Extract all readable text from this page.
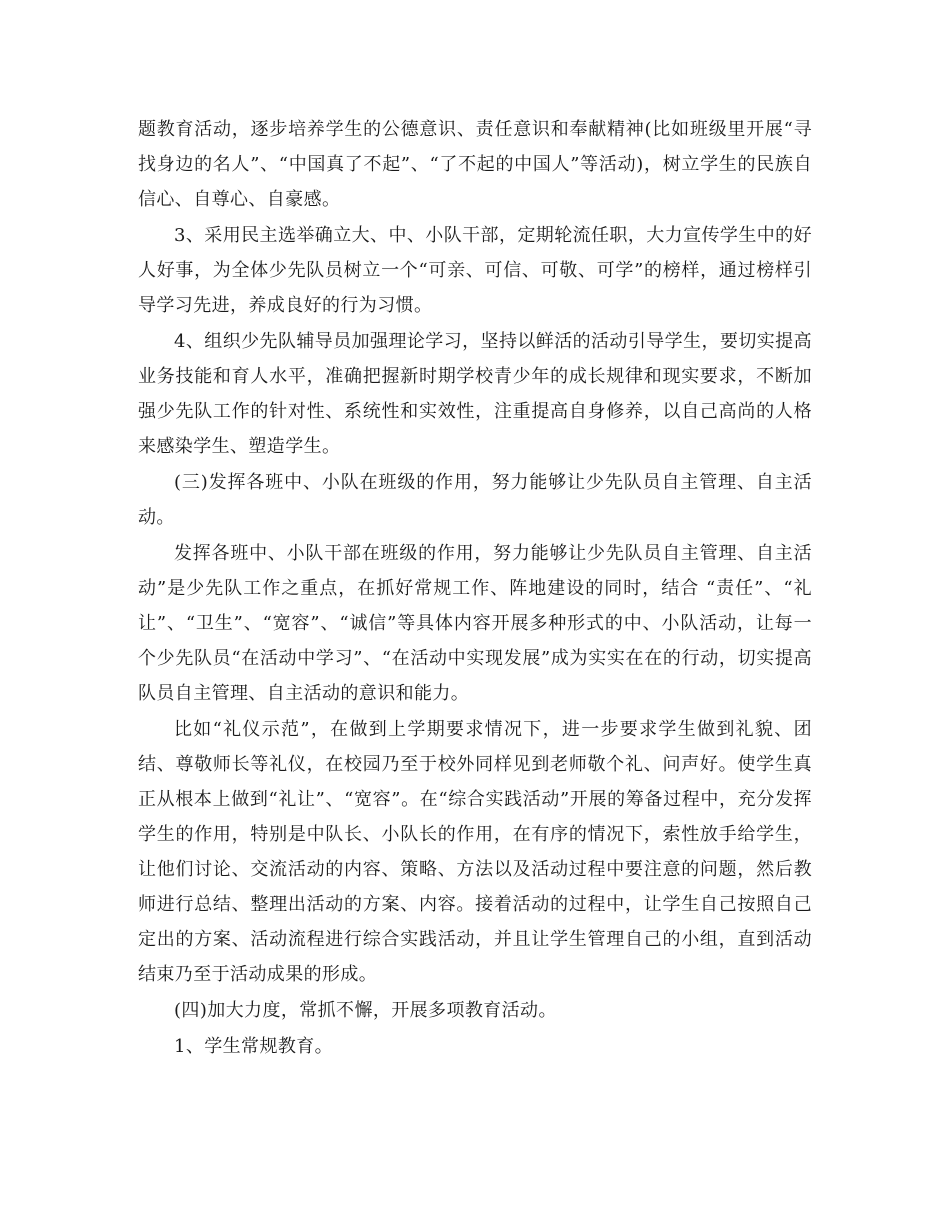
题教育活动，逐步培养学生的公德意识、责任意识和奉献精神(比如班级里开展“寻找身边的名人”、“中国真了不起”、“了不起的中国人”等活动)，树立学生的民族自信心、自尊心、自豪感。

3、采用民主选举确立大、中、小队干部，定期轮流任职，大力宣传学生中的好人好事，为全体少先队员树立一个“可亲、可信、可敬、可学”的榜样，通过榜样引导学习先进，养成良好的行为习惯。

4、组织少先队辅导员加强理论学习，坚持以鲜活的活动引导学生，要切实提高业务技能和育人水平，准确把握新时期学校青少年的成长规律和现实要求，不断加强少先队工作的针对性、系统性和实效性，注重提高自身修养，以自己高尚的人格来感染学生、塑造学生。

(三)发挥各班中、小队在班级的作用，努力能够让少先队员自主管理、自主活动。

发挥各班中、小队干部在班级的作用，努力能够让少先队员自主管理、自主活动”是少先队工作之重点，在抓好常规工作、阵地建设的同时，结合 “责任”、“礼让”、“卫生”、“宽容”、“诚信”等具体内容开展多种形式的中、小队活动，让每一个少先队员“在活动中学习”、“在活动中实现发展”成为实实在在的行动，切实提高队员自主管理、自主活动的意识和能力。

比如“礼仪示范”，在做到上学期要求情况下，进一步要求学生做到礼貌、团结、尊敬师长等礼仪，在校园乃至于校外同样见到老师敬个礼、问声好。使学生真正从根本上做到“礼让”、“宽容”。在“综合实践活动”开展的筹备过程中，充分发挥学生的作用，特别是中队长、小队长的作用，在有序的情况下，索性放手给学生，让他们讨论、交流活动的内容、策略、方法以及活动过程中要注意的问题，然后教师进行总结、整理出活动的方案、内容。接着活动的过程中，让学生自己按照自己定出的方案、活动流程进行综合实践活动，并且让学生管理自己的小组，直到活动结束乃至于活动成果的形成。

(四)加大力度，常抓不懈，开展多项教育活动。

1、学生常规教育。
